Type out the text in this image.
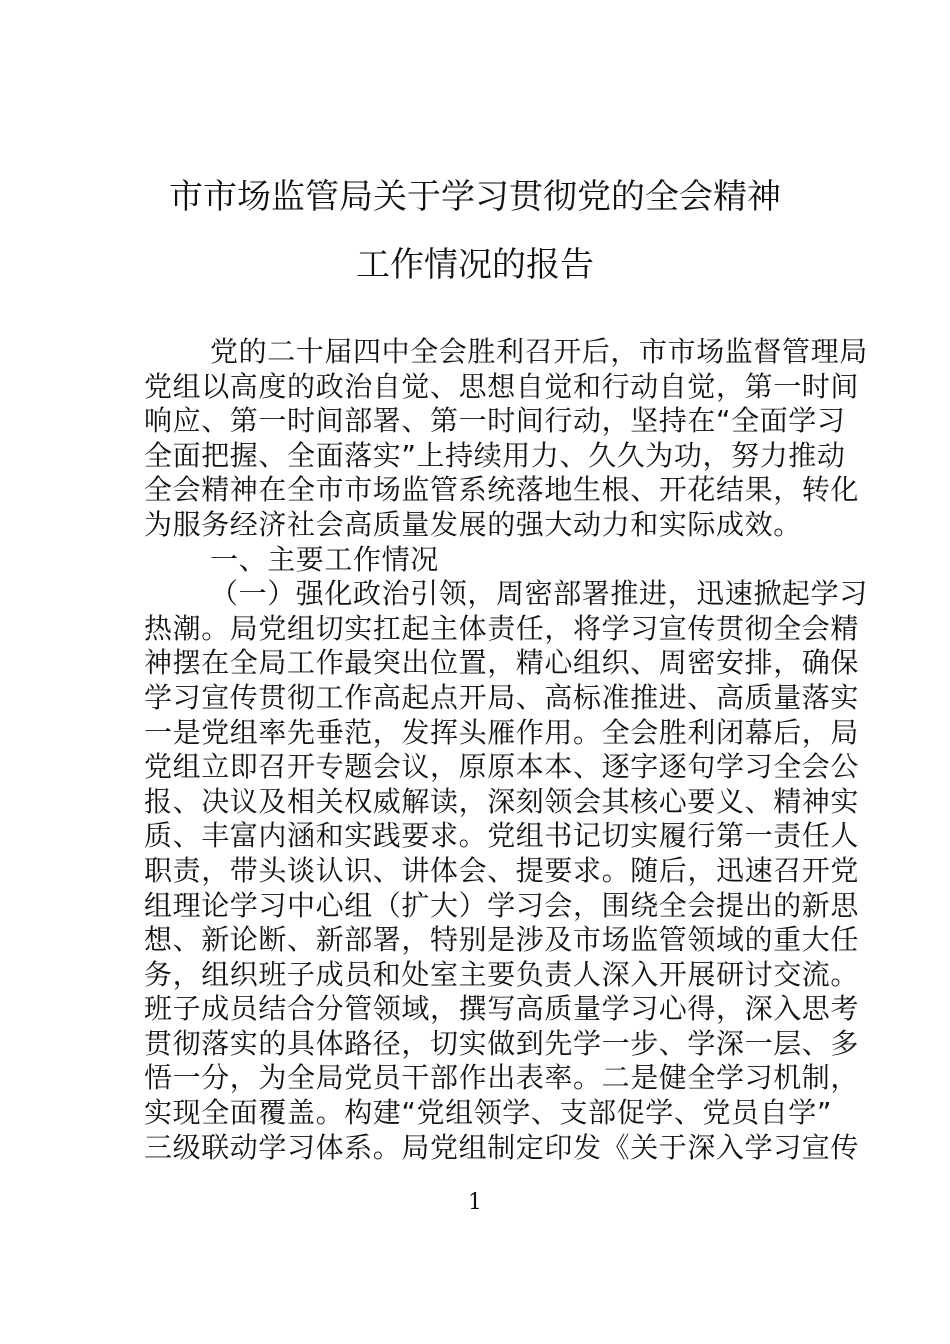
市市场监管局关于学习贯彻党的全会精神
工作情况的报告
党的二十届四中全会胜利召开后，市市场监督管理局
党组以高度的政治自觉、思想自觉和行动自觉，第一时间
响应、第一时间部署、第一时间行动，坚持在“全面学习
全面把握、全面落实”上持续用力、久久为功，努力推动
全会精神在全市市场监管系统落地生根、开花结果，转化
为服务经济社会高质量发展的强大动力和实际成效。
一、主要工作情况
（一）强化政治引领，周密部署推进，迅速掀起学习
热潮。局党组切实扛起主体责任，将学习宣传贯彻全会精
神摆在全局工作最突出位置，精心组织、周密安排，确保
学习宣传贯彻工作高起点开局、高标准推进、高质量落实
一是党组率先垂范，发挥头雁作用。全会胜利闭幕后，局
党组立即召开专题会议，原原本本、逐字逐句学习全会公
报、决议及相关权威解读，深刻领会其核心要义、精神实
质、丰富内涵和实践要求。党组书记切实履行第一责任人
职责，带头谈认识、讲体会、提要求。随后，迅速召开党
组理论学习中心组（扩大）学习会，围绕全会提出的新思
想、新论断、新部署，特别是涉及市场监管领域的重大任
务，组织班子成员和处室主要负责人深入开展研讨交流。
班子成员结合分管领域，撰写高质量学习心得，深入思考
贯彻落实的具体路径，切实做到先学一步、学深一层、多
悟一分，为全局党员干部作出表率。二是健全学习机制，
实现全面覆盖。构建“党组领学、支部促学、党员自学”
三级联动学习体系。局党组制定印发《关于深入学习宣传
1
